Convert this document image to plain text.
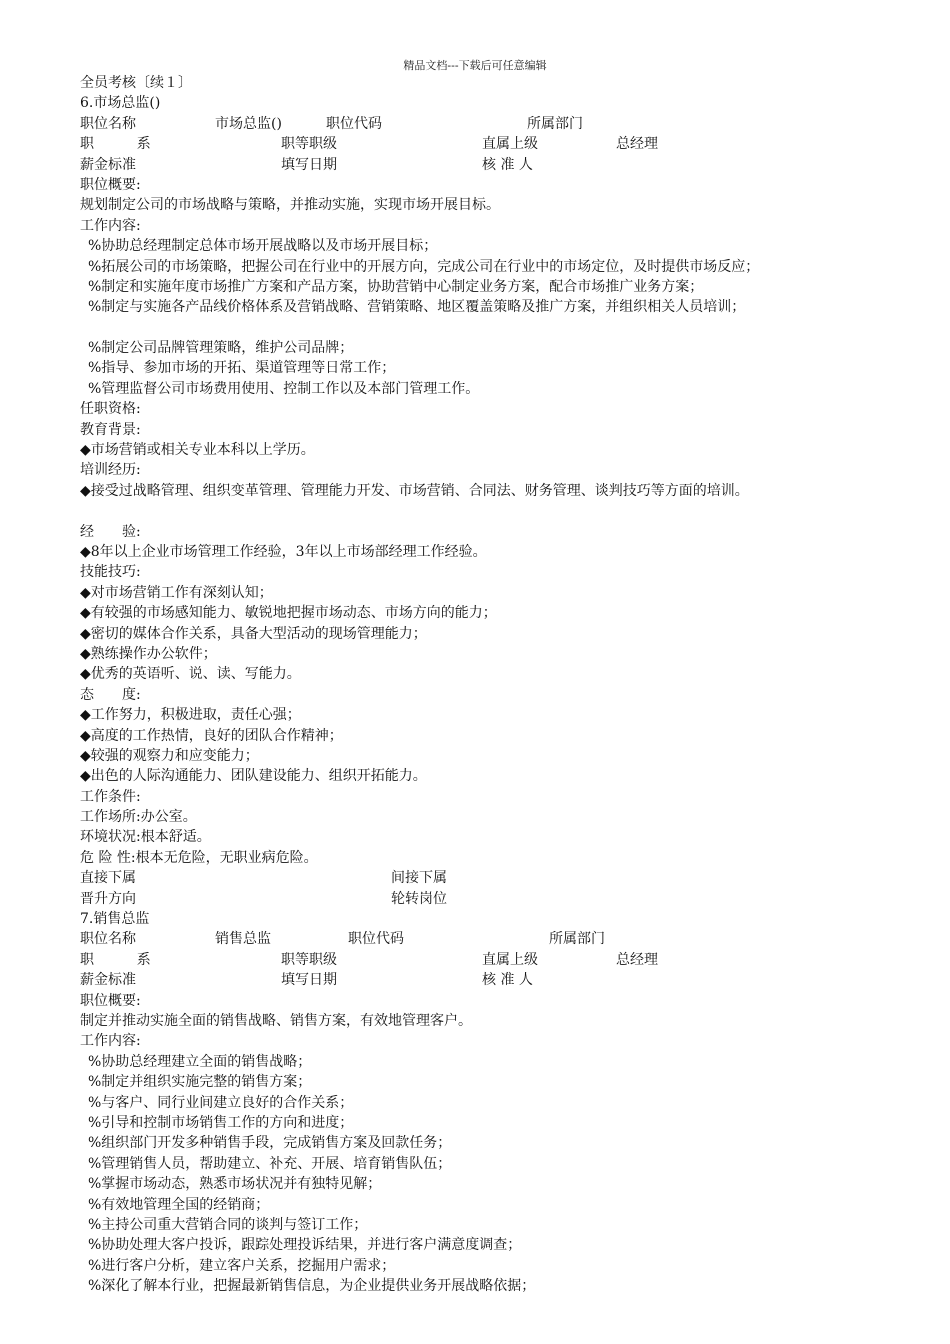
精品文档---下载后可任意编辑
全员考核〔续１〕
6.市场总监()
职位名称	市场总监()	职位代码	所属部门
职　　系	职等职级	直属上级	总经理
薪金标准	填写日期	核 准 人
职位概要:
规划制定公司的市场战略与策略，并推动实施，实现市场开展目标。
工作内容:
%协助总经理制定总体市场开展战略以及市场开展目标；
%拓展公司的市场策略，把握公司在行业中的开展方向，完成公司在行业中的市场定位，及时提供市场反应；
%制定和实施年度市场推广方案和产品方案，协助营销中心制定业务方案，配合市场推广业务方案；
%制定与实施各产品线价格体系及营销战略、营销策略、地区覆盖策略及推广方案，并组织相关人员培训；
%制定公司品牌管理策略，维护公司品牌；
%指导、参加市场的开拓、渠道管理等日常工作；
%管理监督公司市场费用使用、控制工作以及本部门管理工作。
任职资格:
教育背景:
◆市场营销或相关专业本科以上学历。
培训经历:
◆接受过战略管理、组织变革管理、管理能力开发、市场营销、合同法、财务管理、谈判技巧等方面的培训。
经　　验:
◆8年以上企业市场管理工作经验，3年以上市场部经理工作经验。
技能技巧:
◆对市场营销工作有深刻认知；
◆有较强的市场感知能力、敏锐地把握市场动态、市场方向的能力；
◆密切的媒体合作关系，具备大型活动的现场管理能力；
◆熟练操作办公软件；
◆优秀的英语听、说、读、写能力。
态　　度:
◆工作努力，积极进取，责任心强；
◆高度的工作热情，良好的团队合作精神；
◆较强的观察力和应变能力；
◆出色的人际沟通能力、团队建设能力、组织开拓能力。
工作条件:
工作场所:办公室。
环境状况:根本舒适。
危 险 性:根本无危险，无职业病危险。
直接下属	间接下属
晋升方向	轮转岗位
7.销售总监
职位名称	销售总监	职位代码	所属部门
职　　系	职等职级	直属上级	总经理
薪金标准	填写日期	核 准 人
职位概要:
制定并推动实施全面的销售战略、销售方案，有效地管理客户。
工作内容:
%协助总经理建立全面的销售战略；
%制定并组织实施完整的销售方案；
%与客户、同行业间建立良好的合作关系；
%引导和控制市场销售工作的方向和进度；
%组织部门开发多种销售手段，完成销售方案及回款任务；
%管理销售人员，帮助建立、补充、开展、培育销售队伍；
%掌握市场动态，熟悉市场状况并有独特见解；
%有效地管理全国的经销商；
%主持公司重大营销合同的谈判与签订工作；
%协助处理大客户投诉，跟踪处理投诉结果，并进行客户满意度调查；
%进行客户分析，建立客户关系，挖掘用户需求；
%深化了解本行业，把握最新销售信息，为企业提供业务开展战略依据；
